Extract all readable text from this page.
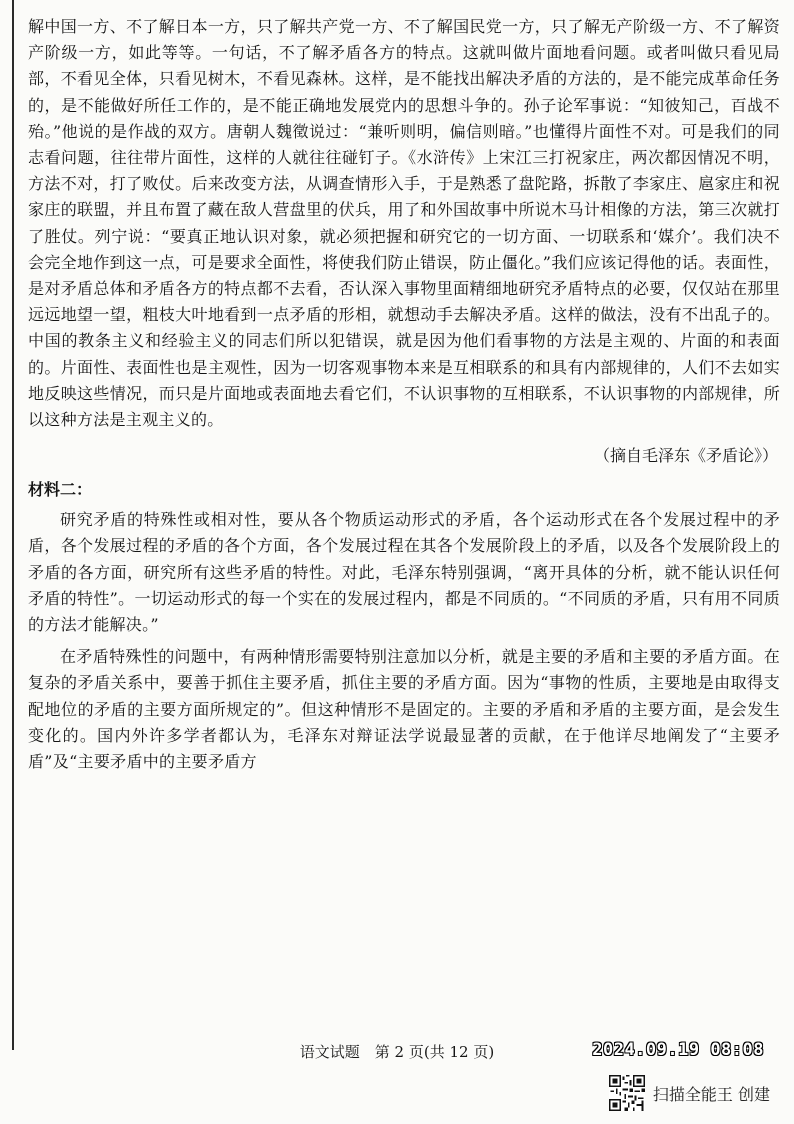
解中国一方、不了解日本一方，只了解共产党一方、不了解国民党一方，只了解无产阶级一方、不了解资产阶级一方，如此等等。一句话，不了解矛盾各方的特点。这就叫做片面地看问题。或者叫做只看见局部，不看见全体，只看见树木，不看见森林。这样，是不能找出解决矛盾的方法的，是不能完成革命任务的，是不能做好所任工作的，是不能正确地发展党内的思想斗争的。孙子论军事说：“知彼知己，百战不殆。”他说的是作战的双方。唐朝人魏徵说过：“兼听则明，偏信则暗。”也懂得片面性不对。可是我们的同志看问题，往往带片面性，这样的人就往往碰钉子。《水浒传》上宋江三打祝家庄，两次都因情况不明，方法不对，打了败仗。后来改变方法，从调查情形入手，于是熟悉了盘陀路，拆散了李家庄、扈家庄和祝家庄的联盟，并且布置了藏在敌人营盘里的伏兵，用了和外国故事中所说木马计相像的方法，第三次就打了胜仗。列宁说：“要真正地认识对象，就必须把握和研究它的一切方面、一切联系和‘媒介’。我们决不会完全地作到这一点，可是要求全面性，将使我们防止错误，防止僵化。”我们应该记得他的话。表面性，是对矛盾总体和矛盾各方的特点都不去看，否认深入事物里面精细地研究矛盾特点的必要，仅仅站在那里远远地望一望，粗枝大叶地看到一点矛盾的形相，就想动手去解决矛盾。这样的做法，没有不出乱子的。中国的教条主义和经验主义的同志们所以犯错误，就是因为他们看事物的方法是主观的、片面的和表面的。片面性、表面性也是主观性，因为一切客观事物本来是互相联系的和具有内部规律的，人们不去如实地反映这些情况，而只是片面地或表面地去看它们，不认识事物的互相联系，不认识事物的内部规律，所以这种方法是主观主义的。

（摘自毛泽东《矛盾论》）
材料二：

研究矛盾的特殊性或相对性，要从各个物质运动形式的矛盾，各个运动形式在各个发展过程中的矛盾，各个发展过程的矛盾的各个方面，各个发展过程在其各个发展阶段上的矛盾，以及各个发展阶段上的矛盾的各方面，研究所有这些矛盾的特性。对此，毛泽东特别强调，“离开具体的分析，就不能认识任何矛盾的特性”。一切运动形式的每一个实在的发展过程内，都是不同质的。“不同质的矛盾，只有用不同质的方法才能解决。”

在矛盾特殊性的问题中，有两种情形需要特别注意加以分析，就是主要的矛盾和主要的矛盾方面。在复杂的矛盾关系中，要善于抓住主要矛盾，抓住主要的矛盾方面。因为“事物的性质，主要地是由取得支配地位的矛盾的主要方面所规定的”。但这种情形不是固定的。主要的矛盾和矛盾的主要方面，是会发生变化的。国内外许多学者都认为，毛泽东对辩证法学说最显著的贡献，在于他详尽地阐发了“主要矛盾”及“主要矛盾中的主要矛盾方

语文试题　第 2 页(共 12 页)	2024.09.19 08:08
扫描全能王 创建
